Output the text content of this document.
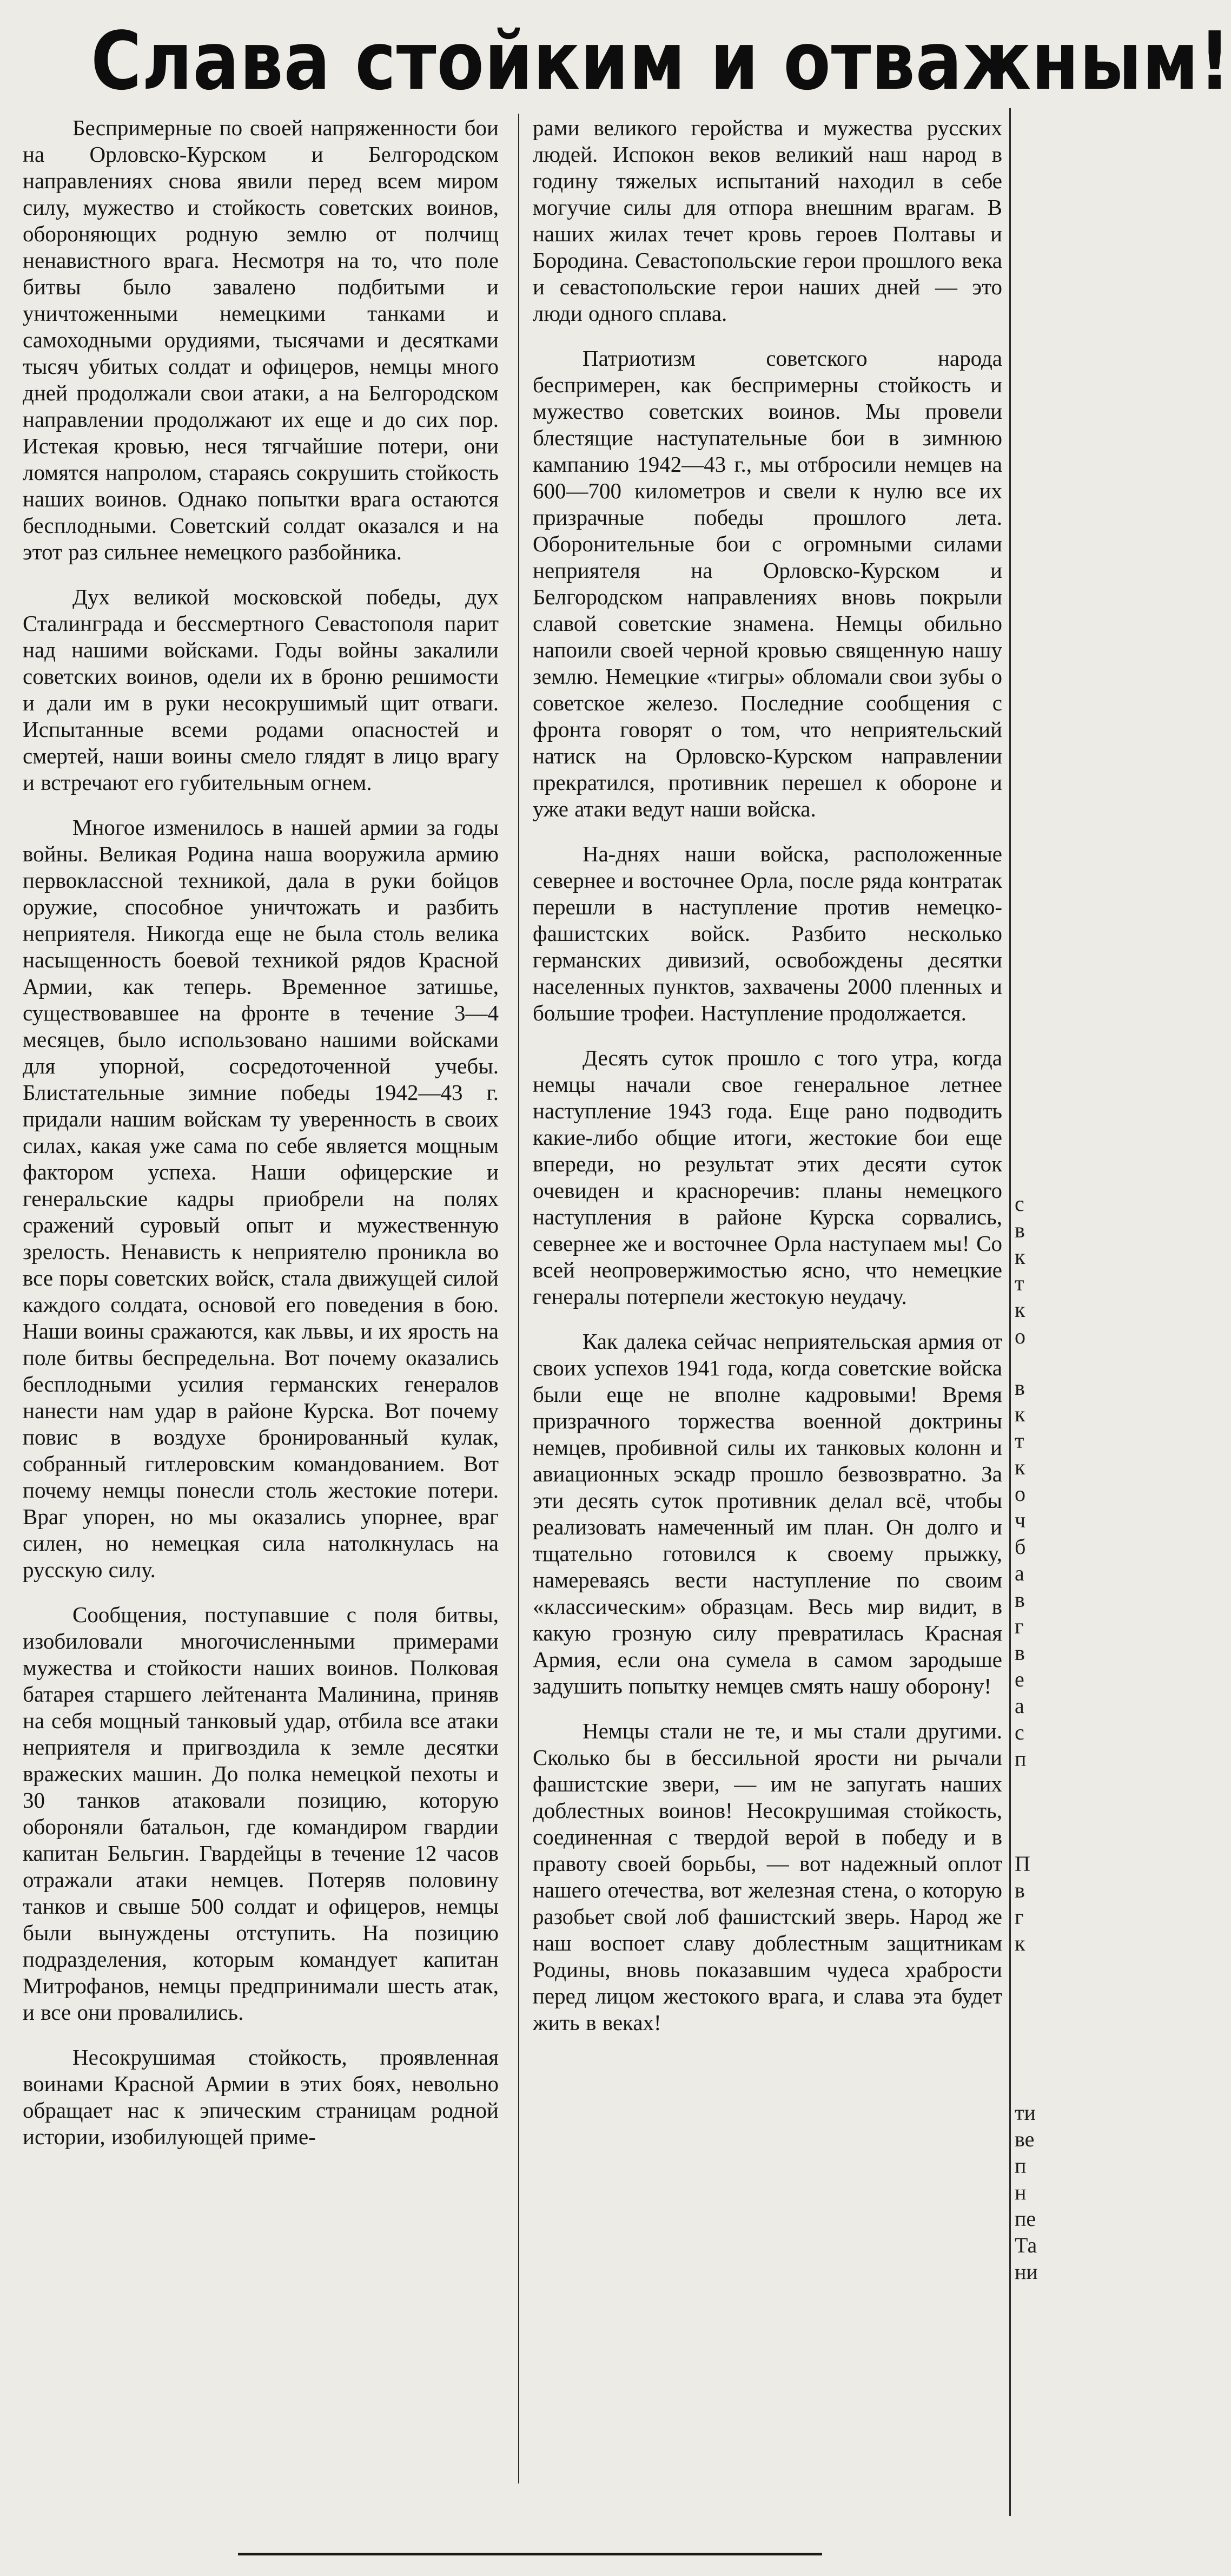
Слава стойким и отважным!

Беспримерные по своей напряженности бои на Орловско-Курском и Белгородском направлениях снова явили перед всем миром силу, мужество и стойкость советских воинов, обороняющих родную землю от полчищ ненавистного врага. Несмотря на то, что поле битвы было завалено подбитыми и уничтоженными немецкими танками и самоходными орудиями, тысячами и десятками тысяч убитых солдат и офицеров, немцы много дней продолжали свои атаки, а на Белгородском направлении продолжают их еще и до сих пор. Истекая кровью, неся тягчайшие потери, они ломятся напролом, стараясь сокрушить стойкость наших воинов. Однако попытки врага остаются бесплодными. Советский солдат оказался и на этот раз сильнее немецкого разбойника.

Дух великой московской победы, дух Сталинграда и бессмертного Севастополя парит над нашими войсками. Годы войны закалили советских воинов, одели их в броню решимости и дали им в руки несокрушимый щит отваги. Испытанные всеми родами опасностей и смертей, наши воины смело глядят в лицо врагу и встречают его губительным огнем.

Многое изменилось в нашей армии за годы войны. Великая Родина наша вооружила армию первоклассной техникой, дала в руки бойцов оружие, способное уничтожать и разбить неприятеля. Никогда еще не была столь велика насыщенность боевой техникой рядов Красной Армии, как теперь. Временное затишье, существовавшее на фронте в течение 3—4 месяцев, было использовано нашими войсками для упорной, сосредоточенной учебы. Блистательные зимние победы 1942—43 г. придали нашим войскам ту уверенность в своих силах, какая уже сама по себе является мощным фактором успеха. Наши офицерские и генеральские кадры приобрели на полях сражений суровый опыт и мужественную зрелость. Ненависть к неприятелю проникла во все поры советских войск, стала движущей силой каждого солдата, основой его поведения в бою. Наши воины сражаются, как львы, и их ярость на поле битвы беспредельна. Вот почему оказались бесплодными усилия германских генералов нанести нам удар в районе Курска. Вот почему повис в воздухе бронированный кулак, собранный гитлеровским командованием. Вот почему немцы понесли столь жестокие потери. Враг упорен, но мы оказались упорнее, враг силен, но немецкая сила натолкнулась на русскую силу.

Сообщения, поступавшие с поля битвы, изобиловали многочисленными примерами мужества и стойкости наших воинов. Полковая батарея старшего лейтенанта Малинина, приняв на себя мощный танковый удар, отбила все атаки неприятеля и пригвоздила к земле десятки вражеских машин. До полка немецкой пехоты и 30 танков атаковали позицию, которую обороняли батальон, где командиром гвардии капитан Бельгин. Гвардейцы в течение 12 часов отражали атаки немцев. Потеряв половину танков и свыше 500 солдат и офицеров, немцы были вынуждены отступить. На позицию подразделения, которым командует капитан Митрофанов, немцы предпринимали шесть атак, и все они провалились.

Несокрушимая стойкость, проявленная воинами Красной Армии в этих боях, невольно обращает нас к эпическим страницам родной истории, изобилующей приме-

рами великого геройства и мужества русских людей. Испокон веков великий наш народ в годину тяжелых испытаний находил в себе могучие силы для отпора внешним врагам. В наших жилах течет кровь героев Полтавы и Бородина. Севастопольские герои прошлого века и севастопольские герои наших дней — это люди одного сплава.

Патриотизм советского народа беспримерен, как беспримерны стойкость и мужество советских воинов. Мы провели блестящие наступательные бои в зимнюю кампанию 1942—43 г., мы отбросили немцев на 600—700 километров и свели к нулю все их призрачные победы прошлого лета. Оборонительные бои с огромными силами неприятеля на Орловско-Курском и Белгородском направлениях вновь покрыли славой советские знамена. Немцы обильно напоили своей черной кровью священную нашу землю. Немецкие «тигры» обломали свои зубы о советское железо. Последние сообщения с фронта говорят о том, что неприятельский натиск на Орловско-Курском направлении прекратился, противник перешел к обороне и уже атаки ведут наши войска.

На-днях наши войска, расположенные севернее и восточнее Орла, после ряда контратак перешли в наступление против немецко-фашистских войск. Разбито несколько германских дивизий, освобождены десятки населенных пунктов, захвачены 2000 пленных и большие трофеи. Наступление продолжается.

Десять суток прошло с того утра, когда немцы начали свое генеральное летнее наступление 1943 года. Еще рано подводить какие-либо общие итоги, жестокие бои еще впереди, но результат этих десяти суток очевиден и красноречив: планы немецкого наступления в районе Курска сорвались, севернее же и восточнее Орла наступаем мы! Со всей неопровержимостью ясно, что немецкие генералы потерпели жестокую неудачу.

Как далека сейчас неприятельская армия от своих успехов 1941 года, когда советские войска были еще не вполне кадровыми! Время призрачного торжества военной доктрины немцев, пробивной силы их танковых колонн и авиационных эскадр прошло безвозвратно. За эти десять суток противник делал всё, чтобы реализовать намеченный им план. Он долго и тщательно готовился к своему прыжку, намереваясь вести наступление по своим «классическим» образцам. Весь мир видит, в какую грозную силу превратилась Красная Армия, если она сумела в самом зародыше задушить попытку немцев смять нашу оборону!

Немцы стали не те, и мы стали другими. Сколько бы в бессильной ярости ни рычали фашистские звери, — им не запугать наших доблестных воинов! Несокрушимая стойкость, соединенная с твердой верой в победу и в правоту своей борьбы, — вот надежный оплот нашего отечества, вот железная стена, о которую разобьет свой лоб фашистский зверь. Народ же наш воспоет славу доблестным защитникам Родины, вновь показавшим чудеса храбрости перед лицом жестокого врага, и слава эта будет жить в веках!

с
в
к
т
к
о
в
к
т
к
о
ч
б
а
в
г
в
е
а
с
п
П
в
г
к
ти
ве
п
н
пе
Та
ни
